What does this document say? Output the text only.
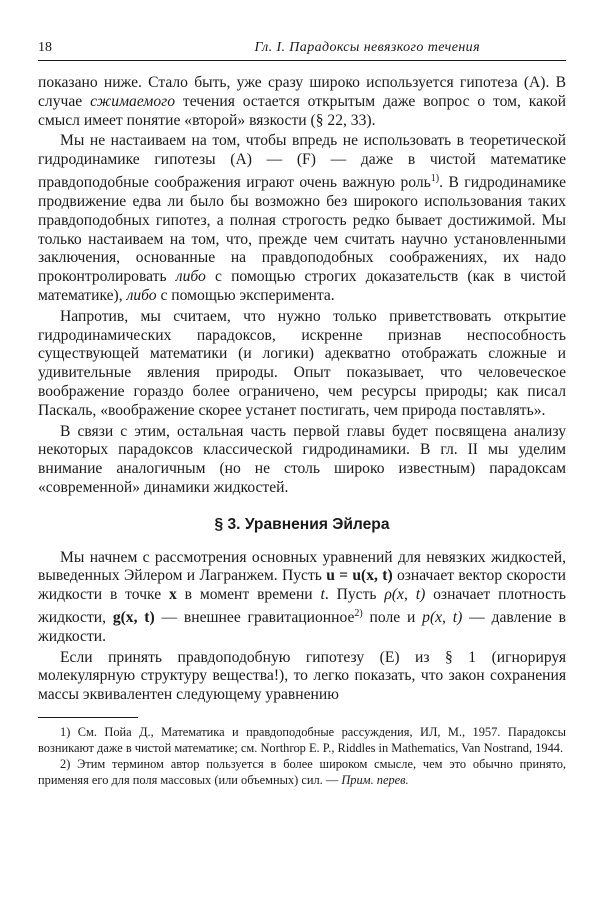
18	Гл. I. Парадоксы невязкого течения

показано ниже. Стало быть, уже сразу широко используется гипотеза (А). В случае сжимаемого течения остается открытым даже вопрос о том, какой смысл имеет понятие «второй» вязкости (§ 22, 33).

Мы не настаиваем на том, чтобы впредь не использовать в теоретической гидродинамике гипотезы (А) — (F) — даже в чистой математике правдоподобные соображения играют очень важную роль$^{1)}$. В гидродинамике продвижение едва ли было бы возможно без широкого использования таких правдоподобных гипотез, а полная строгость редко бывает достижимой. Мы только настаиваем на том, что, прежде чем считать научно установленными заключения, основанные на правдоподобных соображениях, их надо проконтролировать либо с помощью строгих доказательств (как в чистой математике), либо с помощью эксперимента.

Напротив, мы считаем, что нужно только приветствовать открытие гидродинамических парадоксов, искренне признав неспособность существующей математики (и логики) адекватно отображать сложные и удивительные явления природы. Опыт показывает, что человеческое воображение гораздо более ограничено, чем ресурсы природы; как писал Паскаль, «воображение скорее устанет постигать, чем природа поставлять».

В связи с этим, остальная часть первой главы будет посвящена анализу некоторых парадоксов классической гидродинамики. В гл. II мы уделим внимание аналогичным (но не столь широко известным) парадоксам «современной» динамики жидкостей.

§ 3. Уравнения Эйлера

Мы начнем с рассмотрения основных уравнений для невязких жидкостей, выведенных Эйлером и Лагранжем. Пусть u = u(x, t) означает вектор скорости жидкости в точке x в момент времени t. Пусть ρ(x, t) означает плотность жидкости, g(x, t) — внешнее гравитационное$^{2)}$ поле и p(x, t) — давление в жидкости.

Если принять правдоподобную гипотезу (Е) из § 1 (игнорируя молекулярную структуру вещества!), то легко показать, что закон сохранения массы эквивалентен следующему уравнению

1) См. Пойа Д., Математика и правдоподобные рассуждения, ИЛ, М., 1957. Парадоксы возникают даже в чистой математике; см. Northrop E. P., Riddles in Mathematics, Van Nostrand, 1944.

2) Этим термином автор пользуется в более широком смысле, чем это обычно принято, применяя его для поля массовых (или объемных) сил. — Прим. перев.
